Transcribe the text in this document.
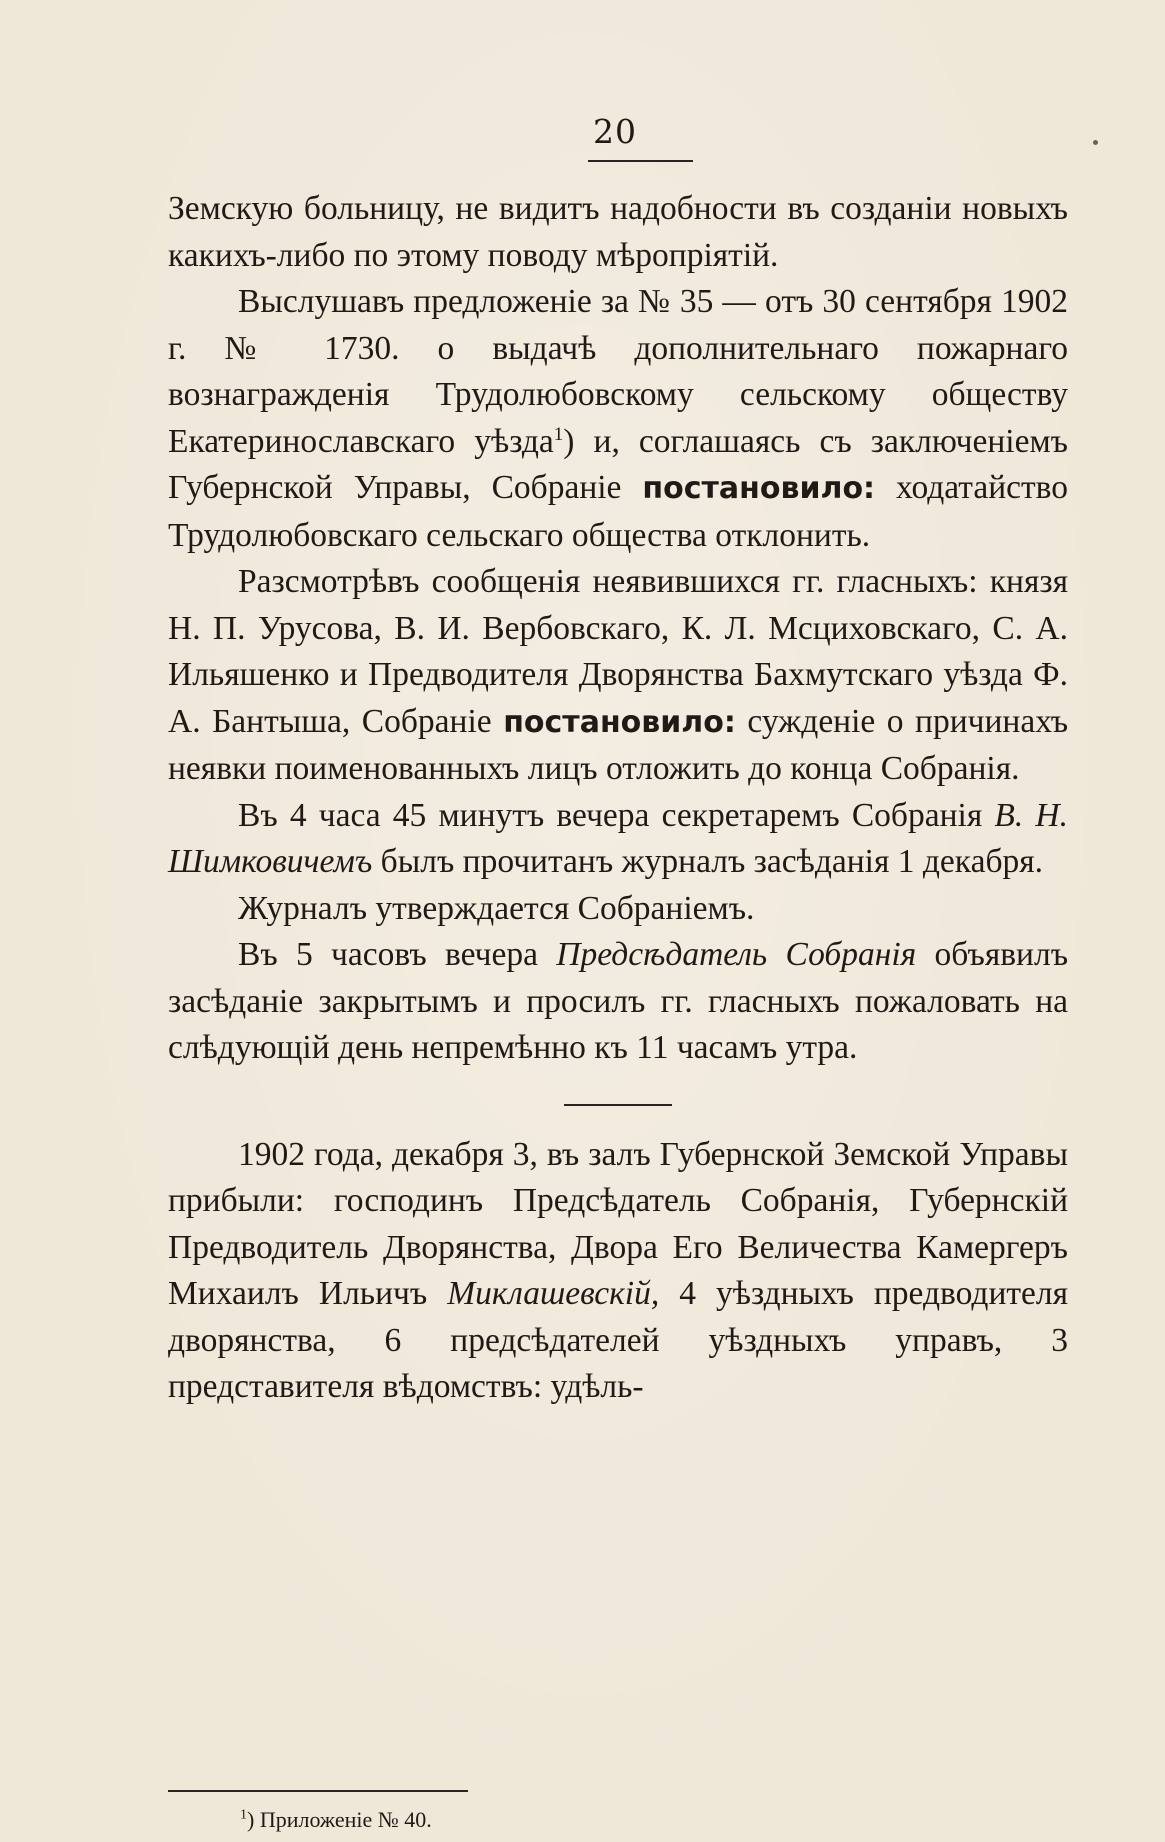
20

Земскую больницу, не видитъ надобности въ созданіи новыхъ какихъ-либо по этому поводу мѣропріятій.

Выслушавъ предложеніе за № 35 — отъ 30 сентября 1902 г. № 1730. о выдачѣ дополнительнаго пожарнаго вознагражденія Трудолюбовскому сельскому обществу Екатеринославскаго уѣзда$^1$) и, соглашаясь съ заключеніемъ Губернской Управы, Собраніе постановило: ходатайство Трудолюбовскаго сельскаго общества отклонить.

Разсмотрѣвъ сообщенія неявившихся гг. гласныхъ: князя Н. П. Урусова, В. И. Вербовскаго, К. Л. Мсциховскаго, С. А. Ильяшенко и Предводителя Дворянства Бахмутскаго уѣзда Ф. А. Бантыша, Собраніе постановило: сужденіе о причинахъ неявки поименованныхъ лицъ отложить до конца Собранія.

Въ 4 часа 45 минутъ вечера секретаремъ Собранія В. Н. Шимковичемъ былъ прочитанъ журналъ засѣданія 1 декабря.

Журналъ утверждается Собраніемъ.

Въ 5 часовъ вечера Предсѣдатель Собранія объявилъ засѣданіе закрытымъ и просилъ гг. гласныхъ пожаловать на слѣдующій день непремѣнно къ 11 часамъ утра.

1902 года, декабря 3, въ залъ Губернской Земской Управы прибыли: господинъ Предсѣдатель Собранія, Губернскій Предводитель Дворянства, Двора Его Величества Камергеръ Михаилъ Ильичъ Миклашевскій, 4 уѣздныхъ предводителя дворянства, 6 предсѣдателей уѣздныхъ управъ, 3 представителя вѣдомствъ: удѣль-

$^1$) Приложеніе № 40.
